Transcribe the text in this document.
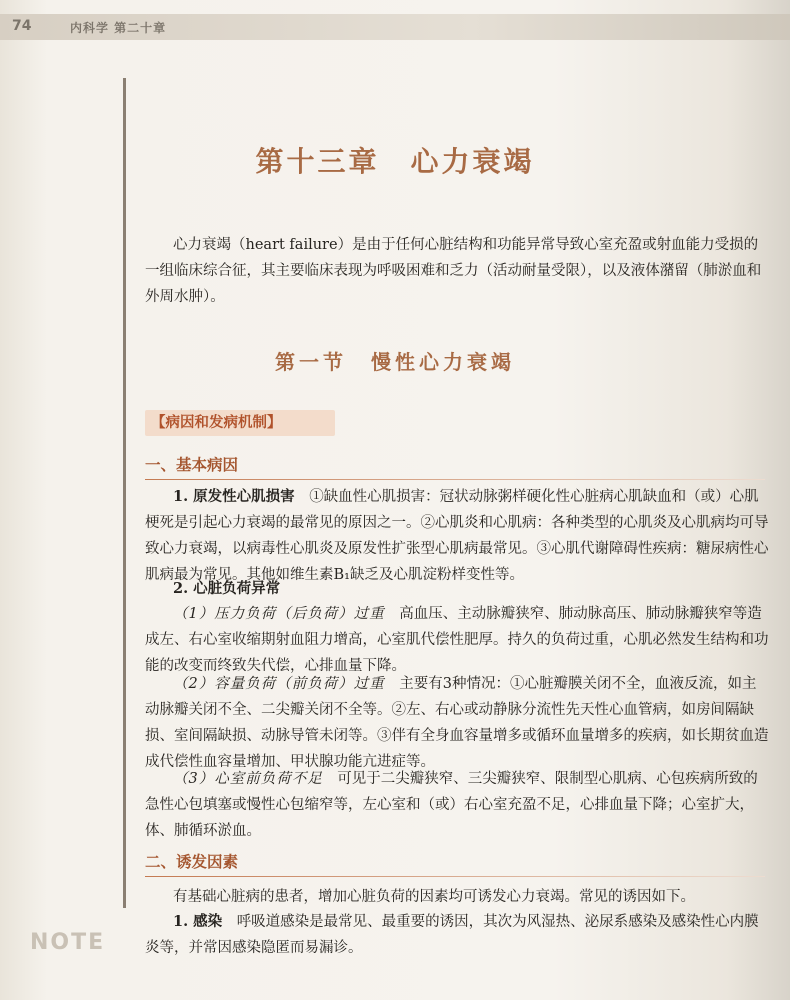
74	内科学 第二十章

第十三章　心力衰竭
心力衰竭（heart failure）是由于任何心脏结构和功能异常导致心室充盈或射血能力受损的一组临床综合征，其主要临床表现为呼吸困难和乏力（活动耐量受限），以及液体潴留（肺淤血和外周水肿）。
第一节　慢性心力衰竭
【病因和发病机制】
一、基本病因
1. 原发性心肌损害　 ①缺血性心肌损害：冠状动脉粥样硬化性心脏病心肌缺血和（或）心肌梗死是引起心力衰竭的最常见的原因之一。②心肌炎和心肌病：各种类型的心肌炎及心肌病均可导致心力衰竭，以病毒性心肌炎及原发性扩张型心肌病最常见。③心肌代谢障碍性疾病：糖尿病性心肌病最为常见。其他如维生素B₁缺乏及心肌淀粉样变性等。
2. 心脏负荷异常
（1）压力负荷（后负荷）过重　 高血压、主动脉瓣狭窄、肺动脉高压、肺动脉瓣狭窄等造成左、右心室收缩期射血阻力增高，心室肌代偿性肥厚。持久的负荷过重，心肌必然发生结构和功能的改变而终致失代偿，心排血量下降。
（2）容量负荷（前负荷）过重　 主要有3种情况：①心脏瓣膜关闭不全，血液反流，如主动脉瓣关闭不全、二尖瓣关闭不全等。②左、右心或动静脉分流性先天性心血管病，如房间隔缺损、室间隔缺损、动脉导管未闭等。③伴有全身血容量增多或循环血量增多的疾病，如长期贫血造成代偿性血容量增加、甲状腺功能亢进症等。
（3）心室前负荷不足　 可见于二尖瓣狭窄、三尖瓣狭窄、限制型心肌病、心包疾病所致的急性心包填塞或慢性心包缩窄等，左心室和（或）右心室充盈不足，心排血量下降；心室扩大，体、肺循环淤血。
二、诱发因素
有基础心脏病的患者，增加心脏负荷的因素均可诱发心力衰竭。常见的诱因如下。
1. 感染　 呼吸道感染是最常见、最重要的诱因，其次为风湿热、泌尿系感染及感染性心内膜炎等，并常因感染隐匿而易漏诊。
NOTE
